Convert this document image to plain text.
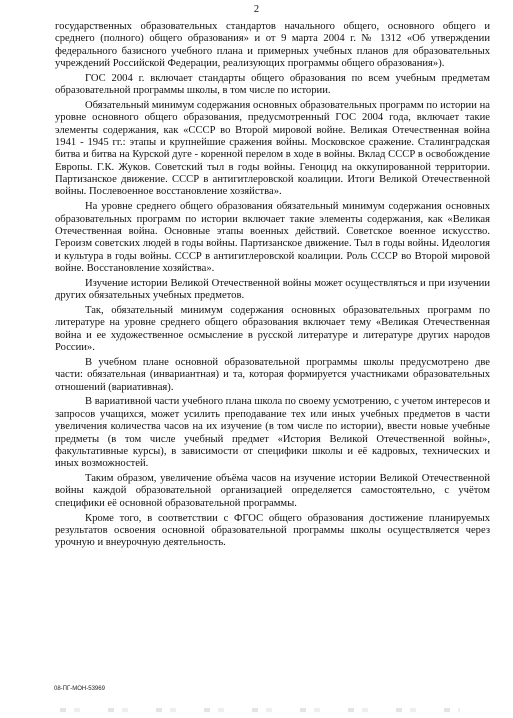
2

государственных образовательных стандартов начального общего, основного общего и среднего (полного) общего образования» и от 9 марта 2004 г. № 1312 «Об утверждении федерального базисного учебного плана и примерных учебных планов для образовательных учреждений Российской Федерации, реализующих программы общего образования»).

ГОС 2004 г. включает стандарты общего образования по всем учебным предметам образовательной программы школы, в том числе по истории.

Обязательный минимум содержания основных образовательных программ по истории на уровне основного общего образования, предусмотренный ГОС 2004 года, включает такие элементы содержания, как «СССР во Второй мировой войне. Великая Отечественная война 1941 - 1945 гг.: этапы и крупнейшие сражения войны. Московское сражение. Сталинградская битва и битва на Курской дуге - коренной перелом в ходе в войны. Вклад СССР в освобождение Европы. Г.К. Жуков. Советский тыл в годы войны. Геноцид на оккупированной территории. Партизанское движение. СССР в антигитлеровской коалиции. Итоги Великой Отечественной войны. Послевоенное восстановление хозяйства».

На уровне среднего общего образования обязательный минимум содержания основных образовательных программ по истории включает такие элементы содержания, как «Великая Отечественная война. Основные этапы военных действий. Советское военное искусство. Героизм советских людей в годы войны. Партизанское движение. Тыл в годы войны. Идеология и культура в годы войны. СССР в антигитлеровской коалиции. Роль СССР во Второй мировой войне. Восстановление хозяйства».

Изучение истории Великой Отечественной войны может осуществляться и при изучении других обязательных учебных предметов.

Так, обязательный минимум содержания основных образовательных программ по литературе на уровне среднего общего образования включает тему «Великая Отечественная война и ее художественное осмысление в русской литературе и литературе других народов России».

В учебном плане основной образовательной программы школы предусмотрено две части: обязательная (инвариантная) и та, которая формируется участниками образовательных отношений (вариативная).

В вариативной части учебного плана школа по своему усмотрению, с учетом интересов и запросов учащихся, может усилить преподавание тех или иных учебных предметов в части увеличения количества часов на их изучение (в том числе по истории), ввести новые учебные предметы (в том числе учебный предмет «История Великой Отечественной войны», факультативные курсы), в зависимости от специфики школы и её кадровых, технических и иных возможностей.

Таким образом, увеличение объёма часов на изучение истории Великой Отечественной войны каждой образовательной организацией определяется самостоятельно, с учётом специфики её основной образовательной программы.

Кроме того, в соответствии с ФГОС общего образования достижение планируемых результатов освоения основной образовательной программы школы осуществляется через урочную и внеурочную деятельность.

08-ПГ-МОН-53969
